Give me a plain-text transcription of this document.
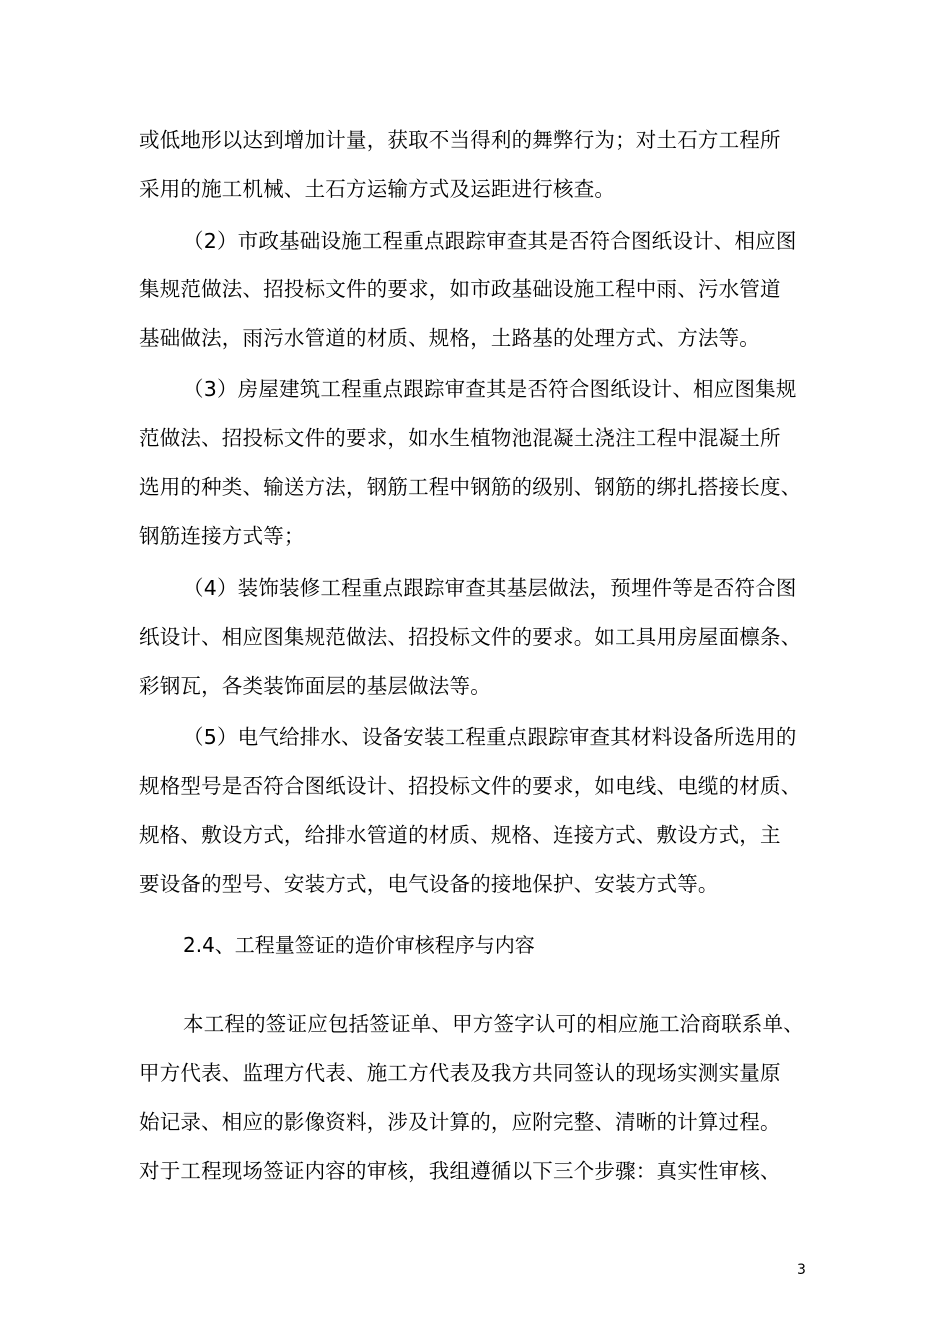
或低地形以达到增加计量，获取不当得利的舞弊行为；对土石方工程所
采用的施工机械、土石方运输方式及运距进行核查。
（2）市政基础设施工程重点跟踪审查其是否符合图纸设计、相应图
集规范做法、招投标文件的要求，如市政基础设施工程中雨、污水管道
基础做法，雨污水管道的材质、规格，土路基的处理方式、方法等。
（3）房屋建筑工程重点跟踪审查其是否符合图纸设计、相应图集规
范做法、招投标文件的要求，如水生植物池混凝土浇注工程中混凝土所
选用的种类、输送方法，钢筋工程中钢筋的级别、钢筋的绑扎搭接长度、
钢筋连接方式等；
（4）装饰装修工程重点跟踪审查其基层做法，预埋件等是否符合图
纸设计、相应图集规范做法、招投标文件的要求。如工具用房屋面檩条、
彩钢瓦，各类装饰面层的基层做法等。
（5）电气给排水、设备安装工程重点跟踪审查其材料设备所选用的
规格型号是否符合图纸设计、招投标文件的要求，如电线、电缆的材质、
规格、敷设方式，给排水管道的材质、规格、连接方式、敷设方式，主
要设备的型号、安装方式，电气设备的接地保护、安装方式等。
2.4、工程量签证的造价审核程序与内容
本工程的签证应包括签证单、甲方签字认可的相应施工洽商联系单、
甲方代表、监理方代表、施工方代表及我方共同签认的现场实测实量原
始记录、相应的影像资料，涉及计算的，应附完整、清晰的计算过程。
对于工程现场签证内容的审核，我组遵循以下三个步骤：真实性审核、
3
